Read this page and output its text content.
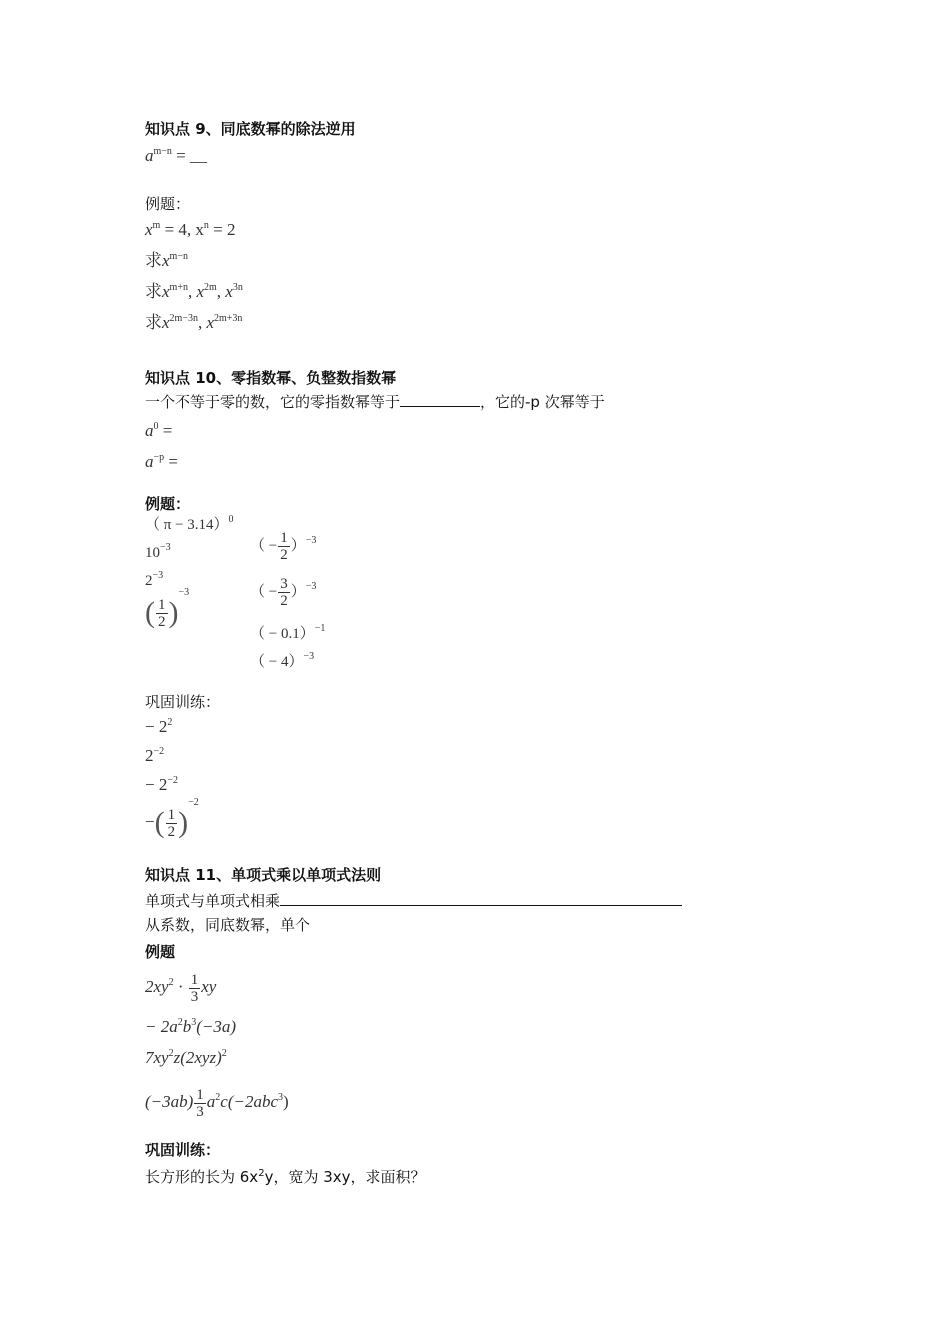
知识点 9、同底数幂的除法逆用
$a^{m-n}$ = __
例题：
$x^m = 4$, $x^n = 2$
求$x^{m-n}$
求$x^{m+n}$, $x^{2m}$, $x^{3n}$
求$x^{2m-3n}$, $x^{2m+3n}$
知识点 10、零指数幂、负整数指数幂
一个不等于零的数，它的零指数幂等于	，它的-p 次幂等于
$a^0$ =
$a^{-p}$ =
例题：
（ π − 3.14）$^0$
$10^{-3}$
$2^{-3}$
( $\frac{1}{2} )^{-3}$
（ − $\frac{1}{2} )^{-3}$
（ − $\frac{3}{2} )^{-3}$
（ − 0.1）$^{-1}$
（ − 4）$^{-3}$
巩固训练：
− $2^2$
$2^{-2}$
− $2^{-2}$
−( $\frac{1}{2} )^{-2}$
知识点 11、单项式乘以单项式法则
单项式与单项式相乘
从系数，同底数幂，单个
例题
$2xy^2 \cdot \frac{1}{3}$ xy
− $2a^2b^3(-3a)$
$7xy^2z(2xyz)^2$
$(-3ab) \frac{1}{3} a^2c(-2abc^3)$
巩固训练：
长方形的长为 $6x^2y$，宽为 3xy，求面积？
